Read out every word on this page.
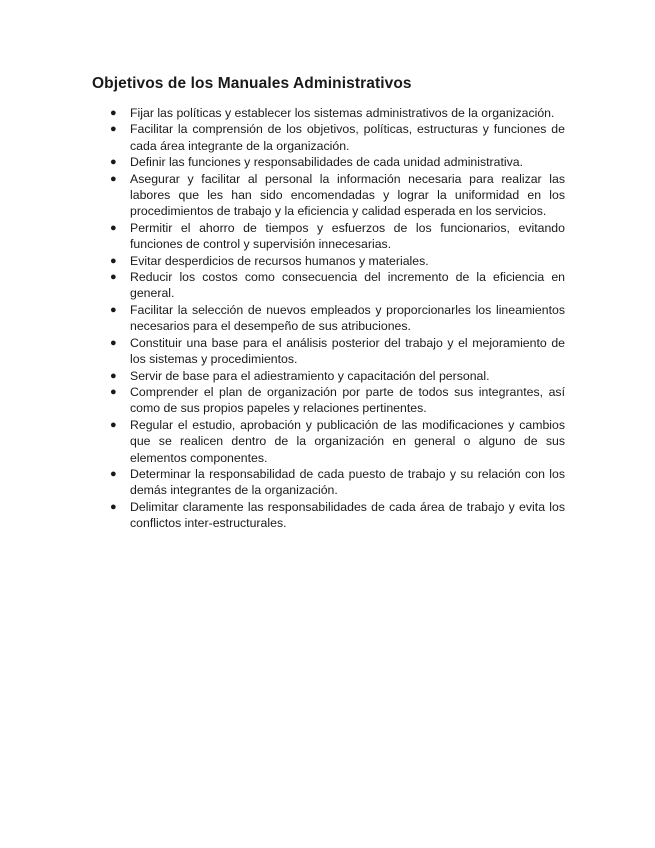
Objetivos de los Manuales Administrativos
● Fijar las políticas y establecer los sistemas administrativos de la organización.
● Facilitar la comprensión de los objetivos, políticas, estructuras y funciones de cada área integrante de la organización.
● Definir las funciones y responsabilidades de cada unidad administrativa.
● Asegurar y facilitar al personal la información necesaria para realizar las labores que les han sido encomendadas y lograr la uniformidad en los procedimientos de trabajo y la eficiencia y calidad esperada en los servicios.
● Permitir el ahorro de tiempos y esfuerzos de los funcionarios, evitando funciones de control y supervisión innecesarias.
● Evitar desperdicios de recursos humanos y materiales.
● Reducir los costos como consecuencia del incremento de la eficiencia en general.
● Facilitar la selección de nuevos empleados y proporcionarles los lineamientos necesarios para el desempeño de sus atribuciones.
● Constituir una base para el análisis posterior del trabajo y el mejoramiento de los sistemas y procedimientos.
● Servir de base para el adiestramiento y capacitación del personal.
● Comprender el plan de organización por parte de todos sus integrantes, así como de sus propios papeles y relaciones pertinentes.
● Regular el estudio, aprobación y publicación de las modificaciones y cambios que se realicen dentro de la organización en general o alguno de sus elementos componentes.
● Determinar la responsabilidad de cada puesto de trabajo y su relación con los demás integrantes de la organización.
● Delimitar claramente las responsabilidades de cada área de trabajo y evita los conflictos inter-estructurales.
